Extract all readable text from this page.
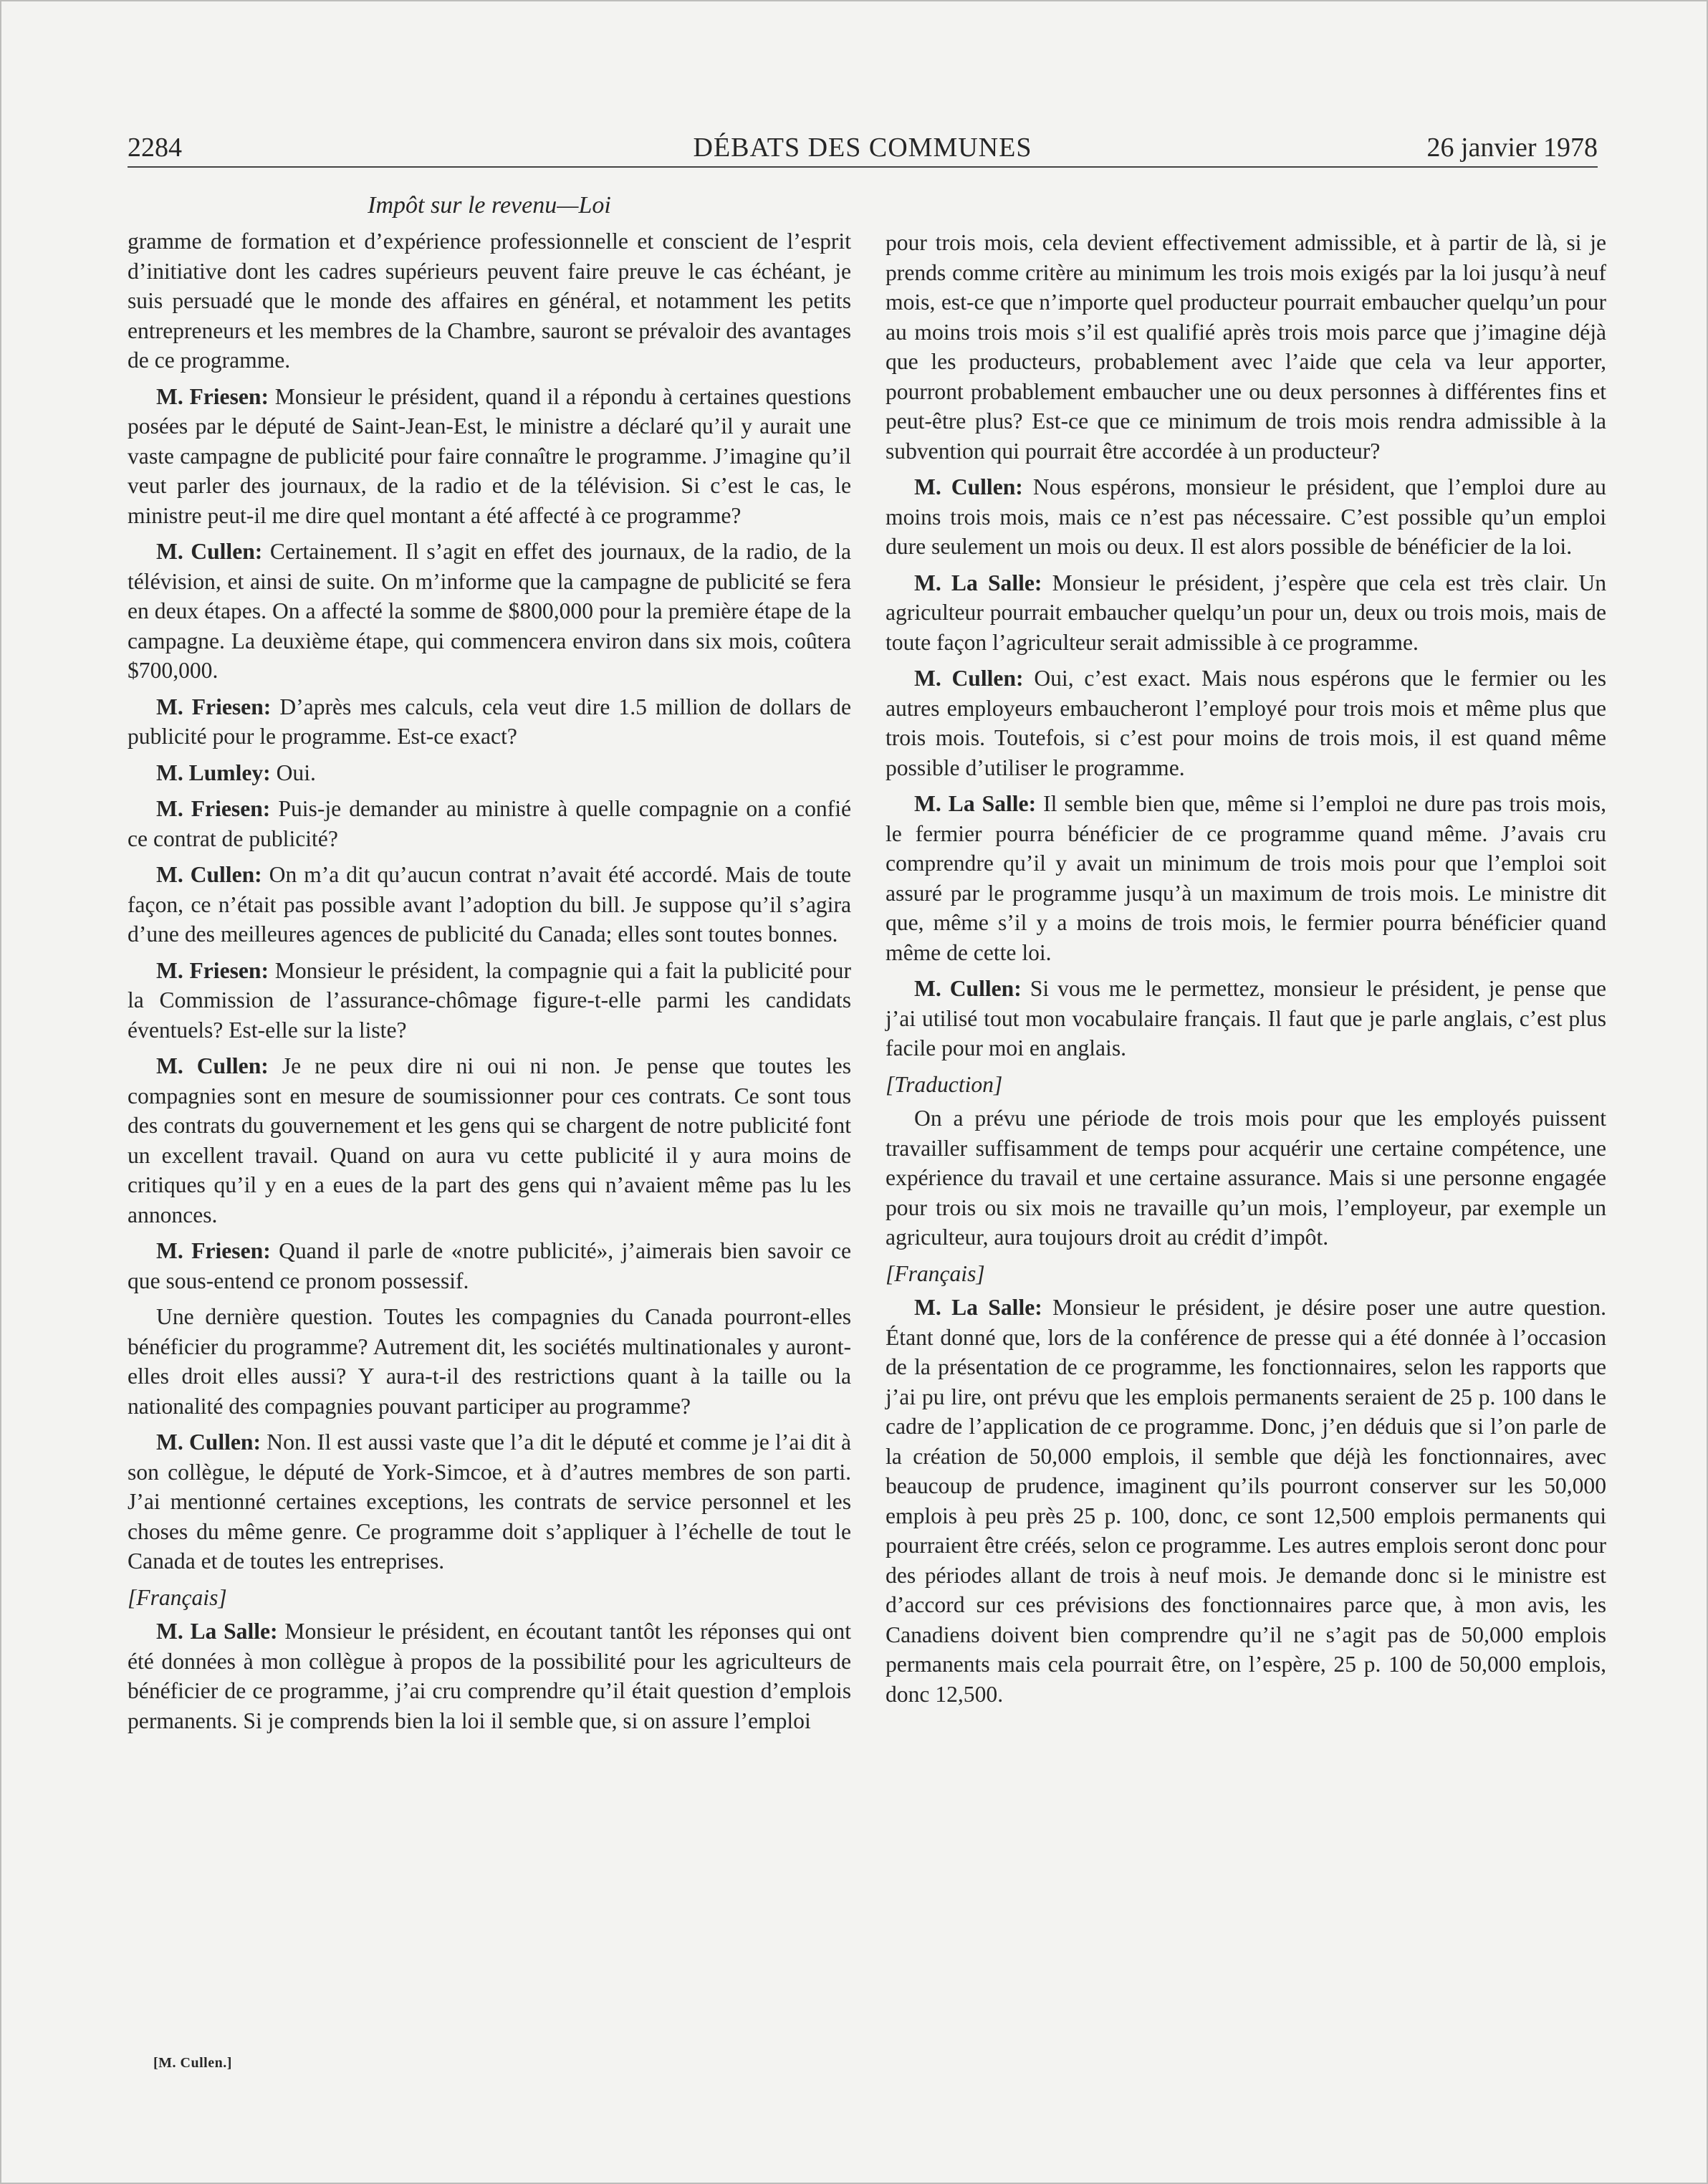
2284	DÉBATS DES COMMUNES	26 janvier 1978
Impôt sur le revenu—Loi

gramme de formation et d’expérience professionnelle et conscient de l’esprit d’initiative dont les cadres supérieurs peuvent faire preuve le cas échéant, je suis persuadé que le monde des affaires en général, et notamment les petits entrepreneurs et les membres de la Chambre, sauront se prévaloir des avantages de ce programme.

M. Friesen: Monsieur le président, quand il a répondu à certaines questions posées par le député de Saint-Jean-Est, le ministre a déclaré qu’il y aurait une vaste campagne de publicité pour faire connaître le programme. J’imagine qu’il veut parler des journaux, de la radio et de la télévision. Si c’est le cas, le ministre peut-il me dire quel montant a été affecté à ce programme?

M. Cullen: Certainement. Il s’agit en effet des journaux, de la radio, de la télévision, et ainsi de suite. On m’informe que la campagne de publicité se fera en deux étapes. On a affecté la somme de $800,000 pour la première étape de la campagne. La deuxième étape, qui commencera environ dans six mois, coûtera $700,000.

M. Friesen: D’après mes calculs, cela veut dire 1.5 million de dollars de publicité pour le programme. Est-ce exact?

M. Lumley: Oui.

M. Friesen: Puis-je demander au ministre à quelle compagnie on a confié ce contrat de publicité?

M. Cullen: On m’a dit qu’aucun contrat n’avait été accordé. Mais de toute façon, ce n’était pas possible avant l’adoption du bill. Je suppose qu’il s’agira d’une des meilleures agences de publicité du Canada; elles sont toutes bonnes.

M. Friesen: Monsieur le président, la compagnie qui a fait la publicité pour la Commission de l’assurance-chômage figure-t-elle parmi les candidats éventuels? Est-elle sur la liste?

M. Cullen: Je ne peux dire ni oui ni non. Je pense que toutes les compagnies sont en mesure de soumissionner pour ces contrats. Ce sont tous des contrats du gouvernement et les gens qui se chargent de notre publicité font un excellent travail. Quand on aura vu cette publicité il y aura moins de critiques qu’il y en a eues de la part des gens qui n’avaient même pas lu les annonces.

M. Friesen: Quand il parle de «notre publicité», j’aimerais bien savoir ce que sous-entend ce pronom possessif.

Une dernière question. Toutes les compagnies du Canada pourront-elles bénéficier du programme? Autrement dit, les sociétés multinationales y auront-elles droit elles aussi? Y aura-t-il des restrictions quant à la taille ou la nationalité des compagnies pouvant participer au programme?

M. Cullen: Non. Il est aussi vaste que l’a dit le député et comme je l’ai dit à son collègue, le député de York-Simcoe, et à d’autres membres de son parti. J’ai mentionné certaines exceptions, les contrats de service personnel et les choses du même genre. Ce programme doit s’appliquer à l’échelle de tout le Canada et de toutes les entreprises.

[Français]

M. La Salle: Monsieur le président, en écoutant tantôt les réponses qui ont été données à mon collègue à propos de la possibilité pour les agriculteurs de bénéficier de ce programme, j’ai cru comprendre qu’il était question d’emplois permanents. Si je comprends bien la loi il semble que, si on assure l’emploi

pour trois mois, cela devient effectivement admissible, et à partir de là, si je prends comme critère au minimum les trois mois exigés par la loi jusqu’à neuf mois, est-ce que n’importe quel producteur pourrait embaucher quelqu’un pour au moins trois mois s’il est qualifié après trois mois parce que j’imagine déjà que les producteurs, probablement avec l’aide que cela va leur apporter, pourront probablement embaucher une ou deux personnes à différentes fins et peut-être plus? Est-ce que ce minimum de trois mois rendra admissible à la subvention qui pourrait être accordée à un producteur?

M. Cullen: Nous espérons, monsieur le président, que l’emploi dure au moins trois mois, mais ce n’est pas nécessaire. C’est possible qu’un emploi dure seulement un mois ou deux. Il est alors possible de bénéficier de la loi.

M. La Salle: Monsieur le président, j’espère que cela est très clair. Un agriculteur pourrait embaucher quelqu’un pour un, deux ou trois mois, mais de toute façon l’agriculteur serait admissible à ce programme.

M. Cullen: Oui, c’est exact. Mais nous espérons que le fermier ou les autres employeurs embaucheront l’employé pour trois mois et même plus que trois mois. Toutefois, si c’est pour moins de trois mois, il est quand même possible d’utiliser le programme.

M. La Salle: Il semble bien que, même si l’emploi ne dure pas trois mois, le fermier pourra bénéficier de ce programme quand même. J’avais cru comprendre qu’il y avait un minimum de trois mois pour que l’emploi soit assuré par le programme jusqu’à un maximum de trois mois. Le ministre dit que, même s’il y a moins de trois mois, le fermier pourra bénéficier quand même de cette loi.

M. Cullen: Si vous me le permettez, monsieur le président, je pense que j’ai utilisé tout mon vocabulaire français. Il faut que je parle anglais, c’est plus facile pour moi en anglais.

[Traduction]

On a prévu une période de trois mois pour que les employés puissent travailler suffisamment de temps pour acquérir une certaine compétence, une expérience du travail et une certaine assurance. Mais si une personne engagée pour trois ou six mois ne travaille qu’un mois, l’employeur, par exemple un agriculteur, aura toujours droit au crédit d’impôt.

[Français]

M. La Salle: Monsieur le président, je désire poser une autre question. Étant donné que, lors de la conférence de presse qui a été donnée à l’occasion de la présentation de ce programme, les fonctionnaires, selon les rapports que j’ai pu lire, ont prévu que les emplois permanents seraient de 25 p. 100 dans le cadre de l’application de ce programme. Donc, j’en déduis que si l’on parle de la création de 50,000 emplois, il semble que déjà les fonctionnaires, avec beaucoup de prudence, imaginent qu’ils pourront conserver sur les 50,000 emplois à peu près 25 p. 100, donc, ce sont 12,500 emplois permanents qui pourraient être créés, selon ce programme. Les autres emplois seront donc pour des périodes allant de trois à neuf mois. Je demande donc si le ministre est d’accord sur ces prévisions des fonctionnaires parce que, à mon avis, les Canadiens doivent bien comprendre qu’il ne s’agit pas de 50,000 emplois permanents mais cela pourrait être, on l’espère, 25 p. 100 de 50,000 emplois, donc 12,500.

[M. Cullen.]
